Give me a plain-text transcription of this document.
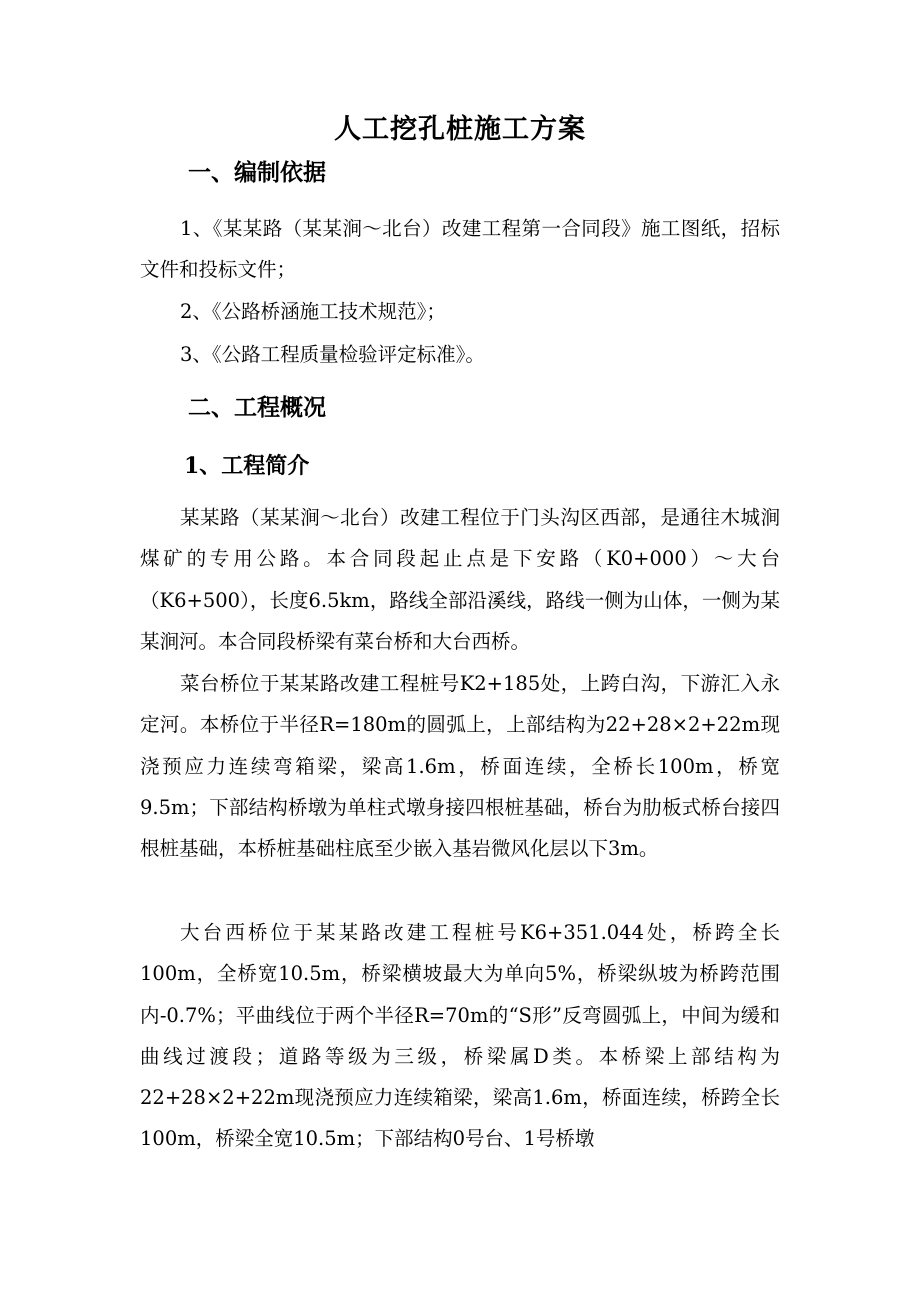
人工挖孔桩施工方案
一、编制依据

1、《某某路（某某涧～北台）改建工程第一合同段》施工图纸，招标文件和投标文件；

2、《公路桥涵施工技术规范》；

3、《公路工程质量检验评定标准》。

二、工程概况
1、工程简介

某某路（某某涧～北台）改建工程位于门头沟区西部，是通往木城涧煤矿的专用公路。本合同段起止点是下安路（K0+000）～大台（K6+500），长度6.5km，路线全部沿溪线，路线一侧为山体，一侧为某某涧河。本合同段桥梁有菜台桥和大台西桥。

菜台桥位于某某路改建工程桩号K2+185处，上跨白沟，下游汇入永定河。本桥位于半径R=180m的圆弧上，上部结构为22+28×2+22m现浇预应力连续弯箱梁，梁高1.6m，桥面连续，全桥长100m，桥宽9.5m；下部结构桥墩为单柱式墩身接四根桩基础，桥台为肋板式桥台接四根桩基础，本桥桩基础柱底至少嵌入基岩微风化层以下3m。

大台西桥位于某某路改建工程桩号K6+351.044处，桥跨全长100m，全桥宽10.5m，桥梁横坡最大为单向5%，桥梁纵坡为桥跨范围内-0.7%；平曲线位于两个半径R=70m的“S形”反弯圆弧上，中间为缓和曲线过渡段；道路等级为三级，桥梁属D类。本桥梁上部结构为22+28×2+22m现浇预应力连续箱梁，梁高1.6m，桥面连续，桥跨全长100m，桥梁全宽10.5m；下部结构0号台、1号桥墩
